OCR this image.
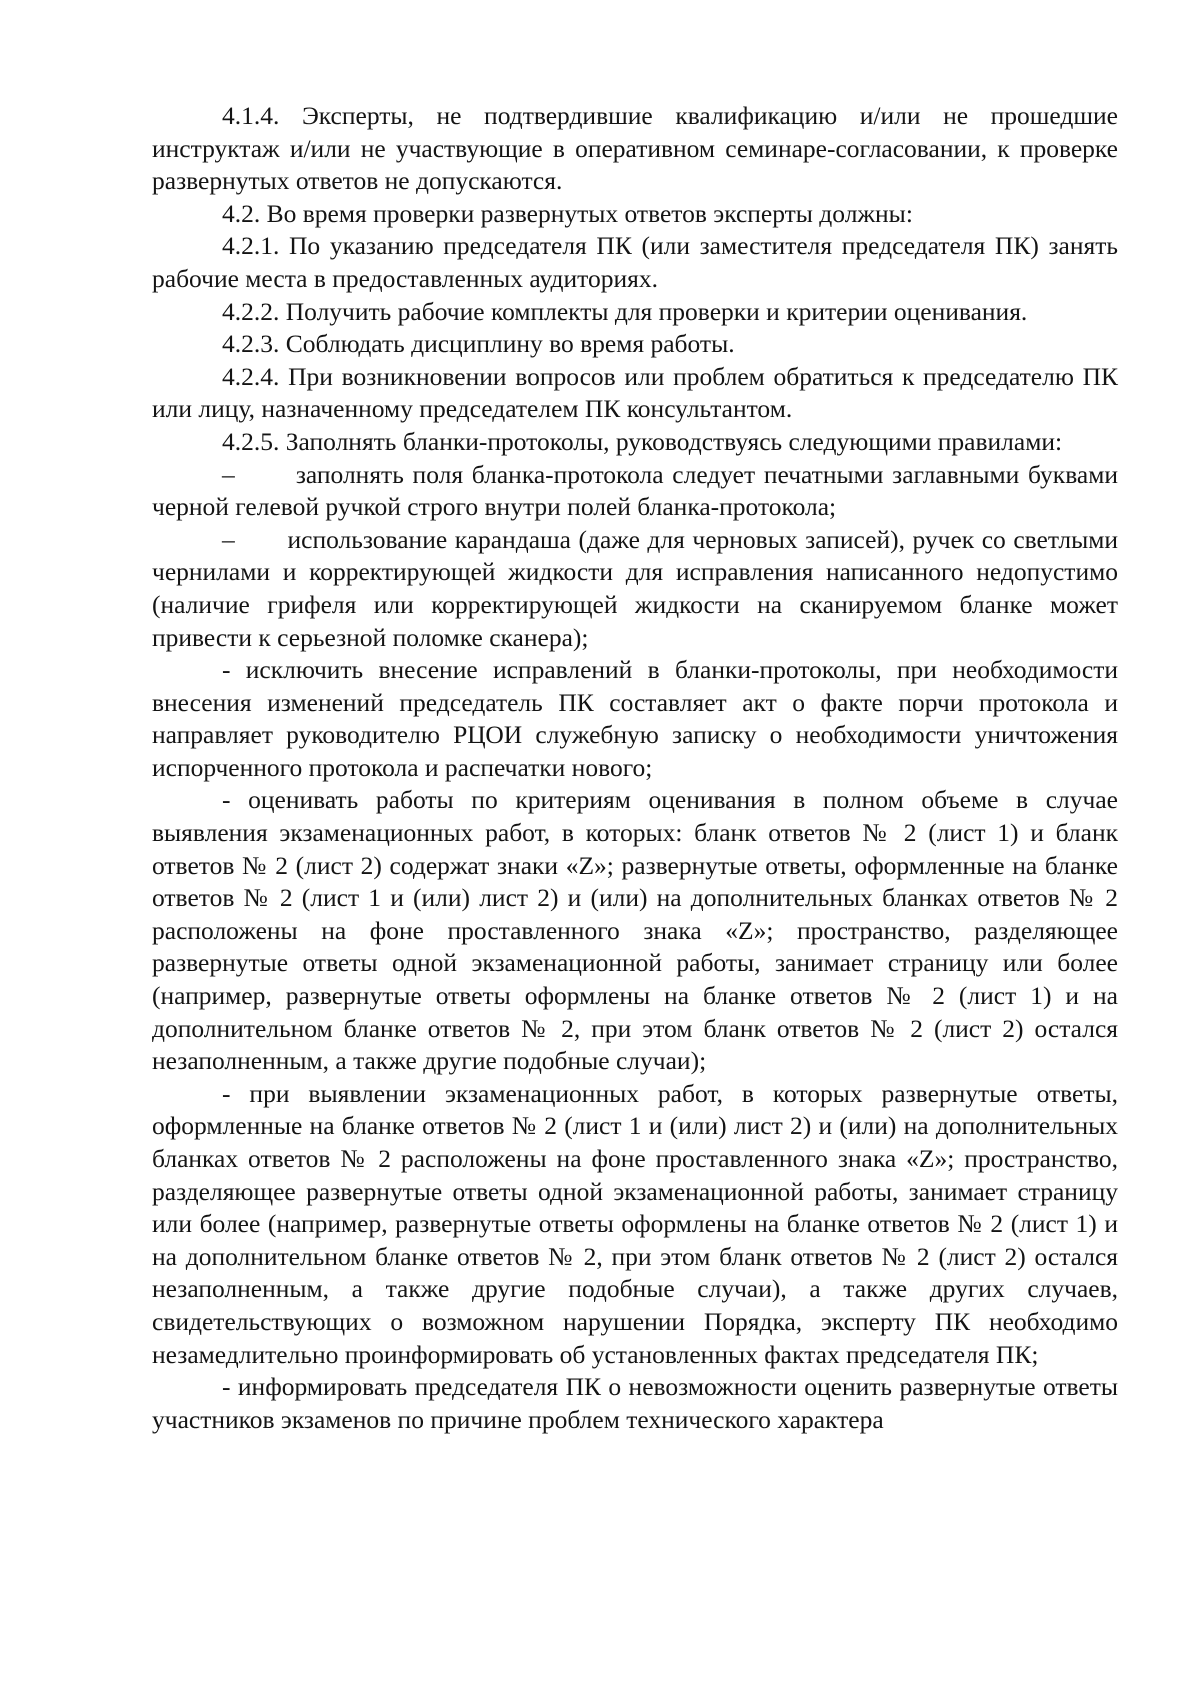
4.1.4. Эксперты, не подтвердившие квалификацию и/или не прошедшие инструктаж и/или не участвующие в оперативном семинаре-согласовании, к проверке развернутых ответов не допускаются.

4.2. Во время проверки развернутых ответов эксперты должны:

4.2.1. По указанию председателя ПК (или заместителя председателя ПК) занять рабочие места в предоставленных аудиториях.

4.2.2. Получить рабочие комплекты для проверки и критерии оценивания.

4.2.3. Соблюдать дисциплину во время работы.

4.2.4. При возникновении вопросов или проблем обратиться к председателю ПК или лицу, назначенному председателем ПК консультантом.

4.2.5. Заполнять бланки-протоколы, руководствуясь следующими правилами:

–       заполнять поля бланка-протокола следует печатными заглавными буквами черной гелевой ручкой строго внутри полей бланка-протокола;

–       использование карандаша (даже для черновых записей), ручек со светлыми чернилами и корректирующей жидкости для исправления написанного недопустимо (наличие грифеля или корректирующей жидкости на сканируемом бланке может привести к серьезной поломке сканера);

- исключить внесение исправлений в бланки-протоколы, при необходимости внесения изменений председатель ПК составляет акт о факте порчи протокола и направляет руководителю РЦОИ служебную записку о необходимости уничтожения испорченного протокола и распечатки нового;

- оценивать работы по критериям оценивания в полном объеме в случае выявления экзаменационных работ, в которых: бланк ответов № 2 (лист 1) и бланк ответов № 2 (лист 2) содержат знаки «Z»; развернутые ответы, оформленные на бланке ответов № 2 (лист 1 и (или) лист 2) и (или) на дополнительных бланках ответов № 2 расположены на фоне проставленного знака «Z»; пространство, разделяющее развернутые ответы одной экзаменационной работы, занимает страницу или более (например, развернутые ответы оформлены на бланке ответов № 2 (лист 1) и на дополнительном бланке ответов № 2, при этом бланк ответов № 2 (лист 2) остался незаполненным, а также другие подобные случаи);

- при выявлении экзаменационных работ, в которых развернутые ответы, оформленные на бланке ответов № 2 (лист 1 и (или) лист 2) и (или) на дополнительных бланках ответов № 2 расположены на фоне проставленного знака «Z»; пространство, разделяющее развернутые ответы одной экзаменационной работы, занимает страницу или более (например, развернутые ответы оформлены на бланке ответов № 2 (лист 1) и на дополнительном бланке ответов № 2, при этом бланк ответов № 2 (лист 2) остался незаполненным, а также другие подобные случаи), а также других случаев, свидетельствующих о возможном нарушении Порядка, эксперту ПК необходимо незамедлительно проинформировать об установленных фактах председателя ПК;

- информировать председателя ПК о невозможности оценить развернутые ответы участников экзаменов по причине проблем технического характера
